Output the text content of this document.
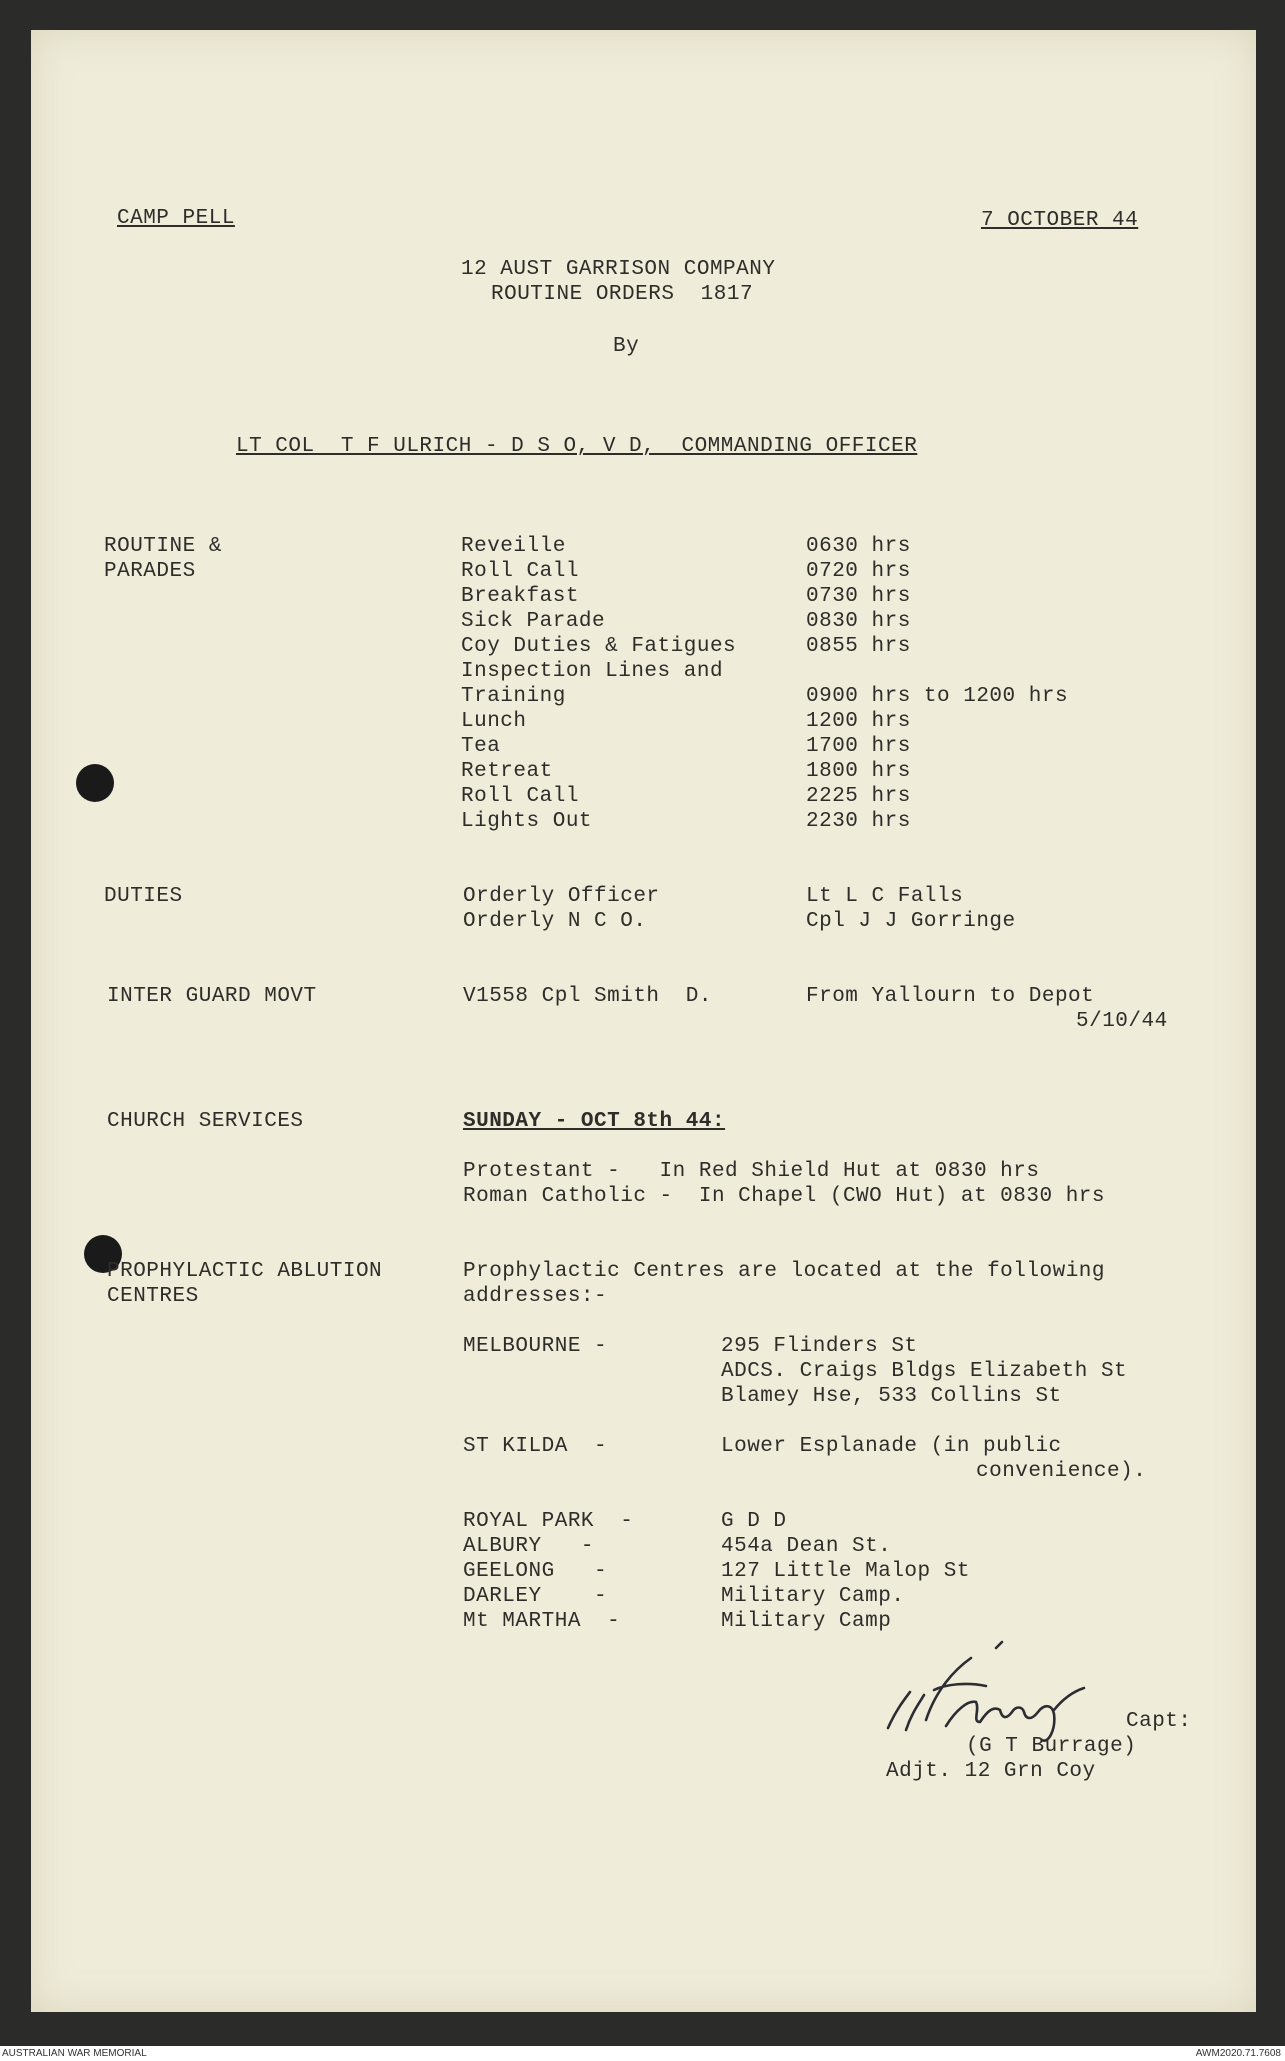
CAMP PELL	7 OCTOBER 44
12 AUST GARRISON COMPANY
ROUTINE ORDERS  1817
By
LT COL  T F ULRICH - D S O, V D,  COMMANDING OFFICER
ROUTINE &
PARADES
Reveille	0630 hrs
Roll Call	0720 hrs
Breakfast	0730 hrs
Sick Parade	0830 hrs
Coy Duties & Fatigues	0855 hrs
Inspection Lines and
Training	0900 hrs to 1200 hrs
Lunch	1200 hrs
Tea	1700 hrs
Retreat	1800 hrs
Roll Call	2225 hrs
Lights Out	2230 hrs
DUTIES	Orderly Officer	Lt L C Falls
Orderly N C O.	Cpl J J Gorringe
INTER GUARD MOVT	V1558 Cpl Smith  D.	From Yallourn to Depot
5/10/44
CHURCH SERVICES	SUNDAY - OCT 8th 44:
Protestant -   In Red Shield Hut at 0830 hrs
Roman Catholic -  In Chapel (CWO Hut) at 0830 hrs
PROPHYLACTIC ABLUTION
CENTRES
Prophylactic Centres are located at the following
addresses:-
MELBOURNE -	295 Flinders St
ADCS. Craigs Bldgs Elizabeth St
Blamey Hse, 533 Collins St
ST KILDA  -	Lower Esplanade (in public
convenience).
ROYAL PARK  -	G D D
ALBURY   -	454a Dean St.
GEELONG   -	127 Little Malop St
DARLEY    -	Military Camp.
Mt MARTHA  -	Military Camp
Capt:
(G T Burrage)
Adjt. 12 Grn Coy
AUSTRALIAN WAR MEMORIAL	AWM2020.71.7608
